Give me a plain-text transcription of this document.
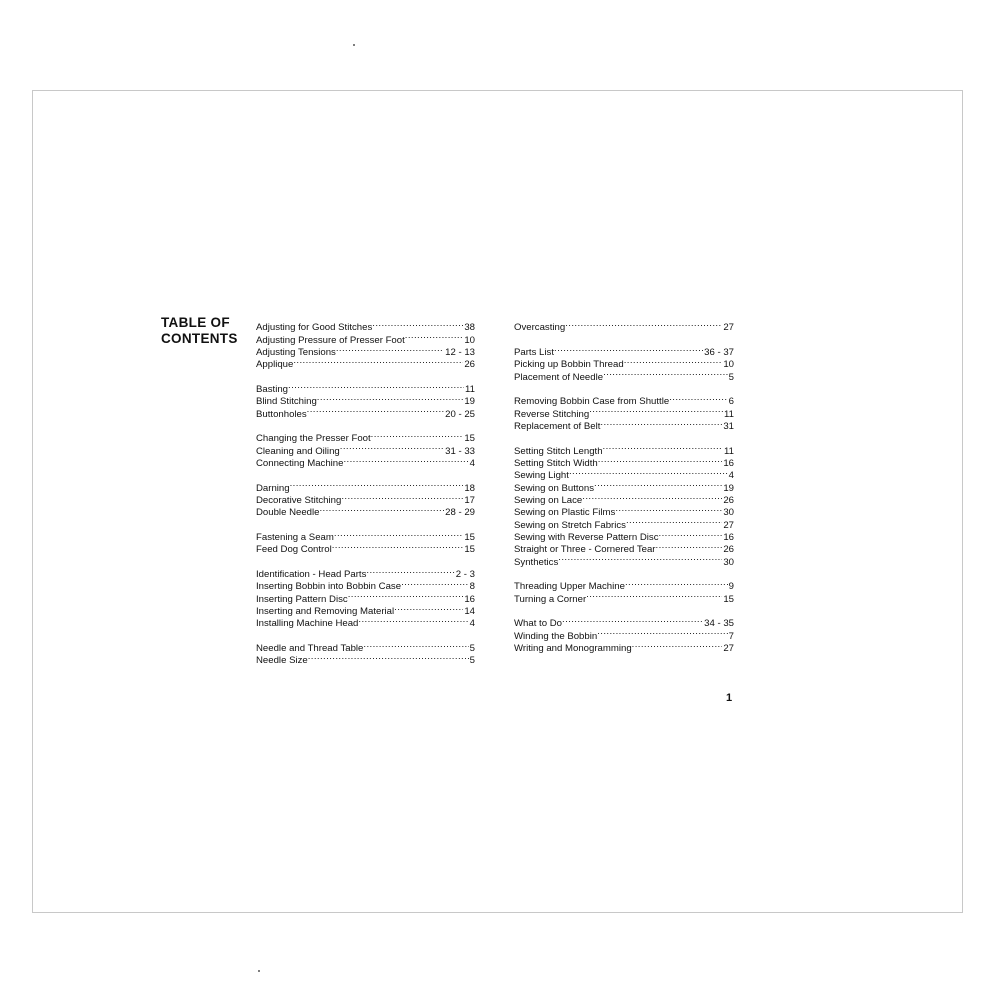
TABLE OF
CONTENTS
Adjusting for Good Stitches .....	38
Adjusting Pressure of Presser Foot .....	10
Adjusting Tensions .....	12 - 13
Applique .....	26
Basting .....	11
Blind Stitching .....	19
Buttonholes .....	20 - 25
Changing the Presser Foot .....	15
Cleaning and Oiling .....	31 - 33
Connecting Machine .....	4
Darning .....	18
Decorative Stitching .....	17
Double Needle .....	28 - 29
Fastening a Seam .....	15
Feed Dog Control .....	15
Identification - Head Parts .....	2 - 3
Inserting Bobbin into Bobbin Case .....	8
Inserting Pattern Disc .....	16
Inserting and Removing Material .....	14
Installing Machine Head .....	4
Needle and Thread Table .....	5
Needle Size .....	5
Overcasting .....	27
Parts List .....	36 - 37
Picking up Bobbin Thread .....	10
Placement of Needle .....	5
Removing Bobbin Case from Shuttle .....	6
Reverse Stitching .....	11
Replacement of Belt .....	31
Setting Stitch Length .....	11
Setting Stitch Width .....	16
Sewing Light .....	4
Sewing on Buttons .....	19
Sewing on Lace .....	26
Sewing on Plastic Films .....	30
Sewing on Stretch Fabrics .....	27
Sewing with Reverse Pattern Disc .....	16
Straight or Three - Cornered Tear .....	26
Synthetics .....	30
Threading Upper Machine .....	9
Turning a Corner .....	15
What to Do .....	34 - 35
Winding the Bobbin .....	7
Writing and Monogramming .....	27
1
